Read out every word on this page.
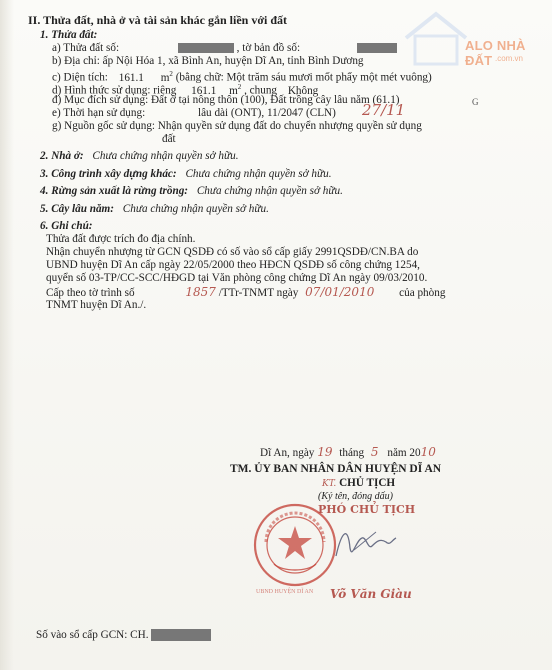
ALO NHÀ ĐẤT .com.vn
II. Thửa đất, nhà ở và tài sản khác gắn liền với đất
1. Thửa đất:
a) Thửa đất số:	, tờ bản đồ số:
b) Địa chỉ: ấp Nội Hóa 1, xã Bình An, huyện Dĩ An, tỉnh Bình Dương
c) Diện tích: 161.1 $m^2$ (bằng chữ: Một trăm sáu mươi mốt phẩy một mét vuông)
d) Hình thức sử dụng: riêng 161.1 $m^2$ , chung Không
đ) Mục đích sử dụng: Đất ở tại nông thôn (100), Đất trồng cây lâu năm (61.1)	G
e) Thời hạn sử dụng:	lâu dài (ONT), 11/2047 (CLN) 27/11
g) Nguồn gốc sử dụng: Nhận quyền sử dụng đất do chuyển nhượng quyền sử dụng
đất
2. Nhà ở: Chưa chứng nhận quyền sở hữu.
3. Công trình xây dựng khác: Chưa chứng nhận quyền sở hữu.
4. Rừng sản xuất là rừng trồng: Chưa chứng nhận quyền sở hữu.
5. Cây lâu năm: Chưa chứng nhận quyền sở hữu.
6. Ghi chú:
Thửa đất được trích đo địa chính.
Nhận chuyển nhượng từ GCN QSDĐ có số vào sổ cấp giấy 2991QSDĐ/CN.BA do
UBND huyện Dĩ An cấp ngày 22/05/2000 theo HĐCN QSDĐ số công chứng 1254,
quyển số 03-TP/CC-SCC/HĐGD tại Văn phòng công chứng Dĩ An ngày 09/03/2010.
Cấp theo tờ trình số	1857 /TTr-TNMT ngày 07/01/2010 của phòng
TNMT huyện Dĩ An./.
Dĩ An, ngày 19 tháng 5 năm 2010
TM. ỦY BAN NHÂN DÂN HUYỆN DĨ AN
KT. CHỦ TỊCH
(Ký tên, đóng dấu)
PHÓ CHỦ TỊCH
UBND HUYỆN DĨ AN Võ Văn Giàu
Số vào sổ cấp GCN: CH.
